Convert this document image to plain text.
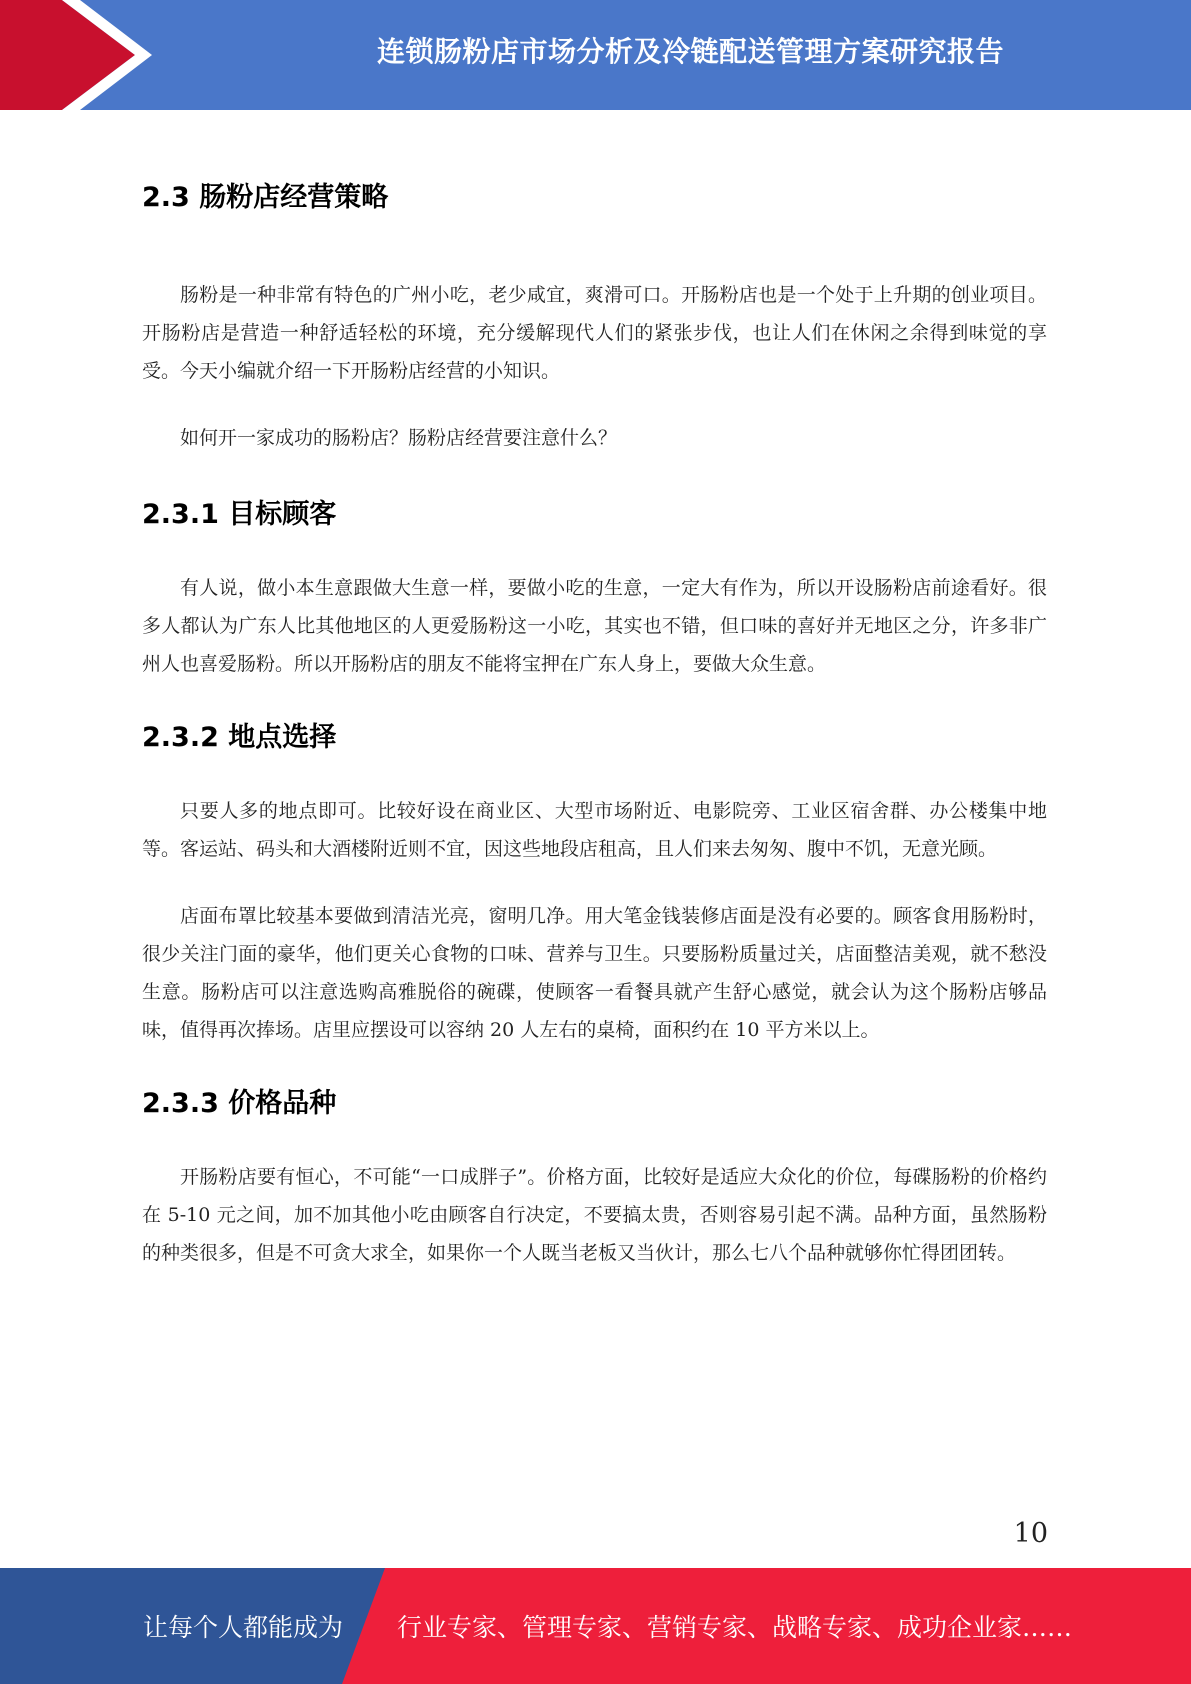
连锁肠粉店市场分析及冷链配送管理方案研究报告
2.3 肠粉店经营策略

肠粉是一种非常有特色的广州小吃，老少咸宜，爽滑可口。开肠粉店也是一个处于上升期的创业项目。开肠粉店是营造一种舒适轻松的环境，充分缓解现代人们的紧张步伐，也让人们在休闲之余得到味觉的享受。今天小编就介绍一下开肠粉店经营的小知识。

如何开一家成功的肠粉店？肠粉店经营要注意什么？

2.3.1 目标顾客

有人说，做小本生意跟做大生意一样，要做小吃的生意，一定大有作为，所以开设肠粉店前途看好。很多人都认为广东人比其他地区的人更爱肠粉这一小吃，其实也不错，但口味的喜好并无地区之分，许多非广州人也喜爱肠粉。所以开肠粉店的朋友不能将宝押在广东人身上，要做大众生意。

2.3.2 地点选择

只要人多的地点即可。比较好设在商业区、大型市场附近、电影院旁、工业区宿舍群、办公楼集中地等。客运站、码头和大酒楼附近则不宜，因这些地段店租高，且人们来去匆匆、腹中不饥，无意光顾。

店面布罩比较基本要做到清洁光亮，窗明几净。用大笔金钱装修店面是没有必要的。顾客食用肠粉时，很少关注门面的豪华，他们更关心食物的口味、营养与卫生。只要肠粉质量过关，店面整洁美观，就不愁没生意。肠粉店可以注意选购高雅脱俗的碗碟，使顾客一看餐具就产生舒心感觉，就会认为这个肠粉店够品味，值得再次捧场。店里应摆设可以容纳 20 人左右的桌椅，面积约在 10 平方米以上。

2.3.3 价格品种

开肠粉店要有恒心，不可能“一口成胖子”。价格方面，比较好是适应大众化的价位，每碟肠粉的价格约在 5-10 元之间，加不加其他小吃由顾客自行决定，不要搞太贵，否则容易引起不满。品种方面，虽然肠粉的种类很多，但是不可贪大求全，如果你一个人既当老板又当伙计，那么七八个品种就够你忙得团团转。

10
让每个人都能成为 行业专家、管理专家、营销专家、战略专家、成功企业家……
